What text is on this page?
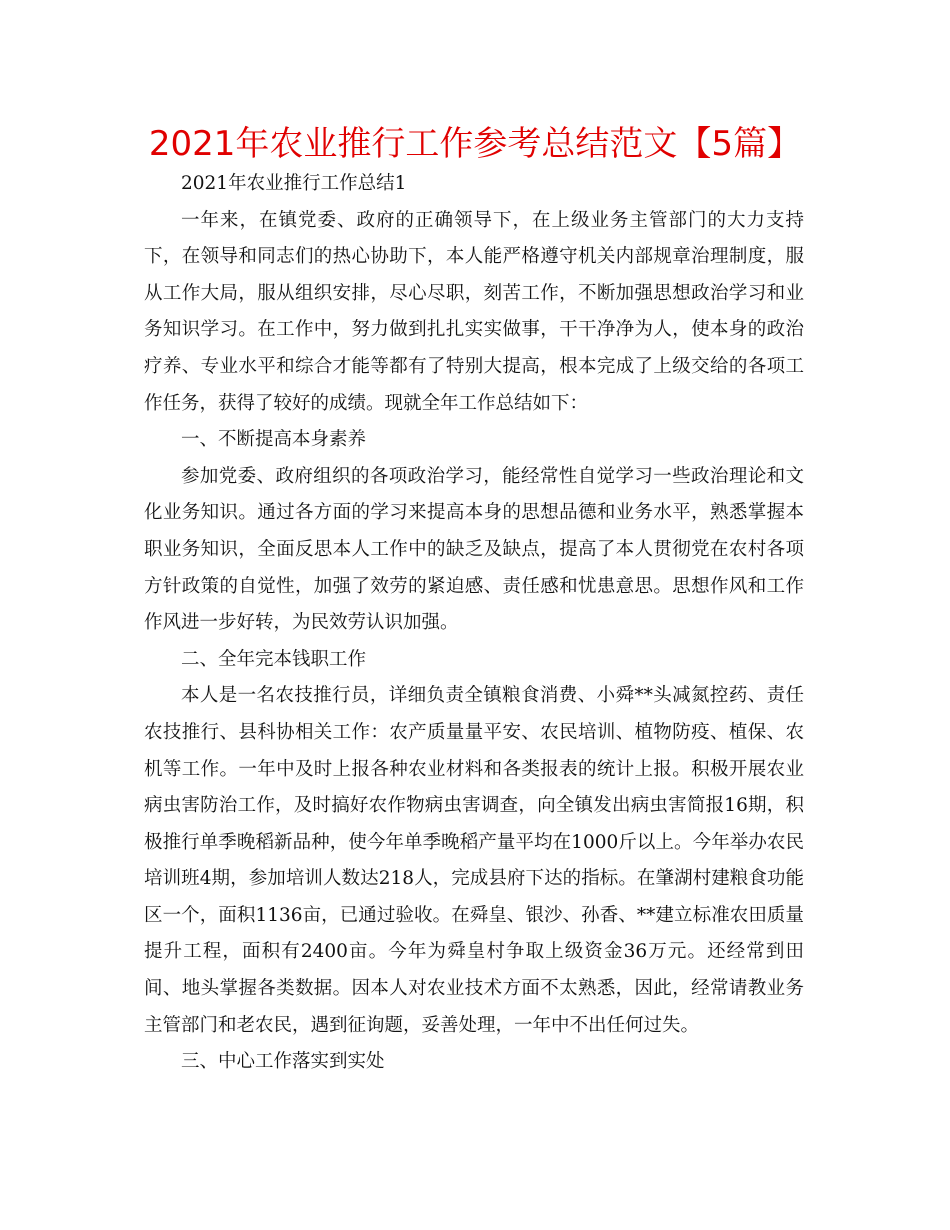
2021年农业推行工作参考总结范文【5篇】

2021年农业推行工作总结1

一年来，在镇党委、政府的正确领导下，在上级业务主管部门的大力支持下，在领导和同志们的热心协助下，本人能严格遵守机关内部规章治理制度，服从工作大局，服从组织安排，尽心尽职，刻苦工作，不断加强思想政治学习和业务知识学习。在工作中，努力做到扎扎实实做事，干干净净为人，使本身的政治疗养、专业水平和综合才能等都有了特别大提高，根本完成了上级交给的各项工作任务，获得了较好的成绩。现就全年工作总结如下：

一、不断提高本身素养

参加党委、政府组织的各项政治学习，能经常性自觉学习一些政治理论和文化业务知识。通过各方面的学习来提高本身的思想品德和业务水平，熟悉掌握本职业务知识，全面反思本人工作中的缺乏及缺点，提高了本人贯彻党在农村各项方针政策的自觉性，加强了效劳的紧迫感、责任感和忧患意思。思想作风和工作作风进一步好转，为民效劳认识加强。

二、全年完本钱职工作

本人是一名农技推行员，详细负责全镇粮食消费、小舜**头减氮控药、责任农技推行、县科协相关工作：农产质量量平安、农民培训、植物防疫、植保、农机等工作。一年中及时上报各种农业材料和各类报表的统计上报。积极开展农业病虫害防治工作，及时搞好农作物病虫害调查，向全镇发出病虫害简报16期，积极推行单季晚稻新品种，使今年单季晚稻产量平均在1000斤以上。今年举办农民培训班4期，参加培训人数达218人，完成县府下达的指标。在肇湖村建粮食功能区一个，面积1136亩，已通过验收。在舜皇、银沙、孙香、**建立标准农田质量提升工程，面积有2400亩。今年为舜皇村争取上级资金36万元。还经常到田间、地头掌握各类数据。因本人对农业技术方面不太熟悉，因此，经常请教业务主管部门和老农民，遇到征询题，妥善处理，一年中不出任何过失。

三、中心工作落实到实处
